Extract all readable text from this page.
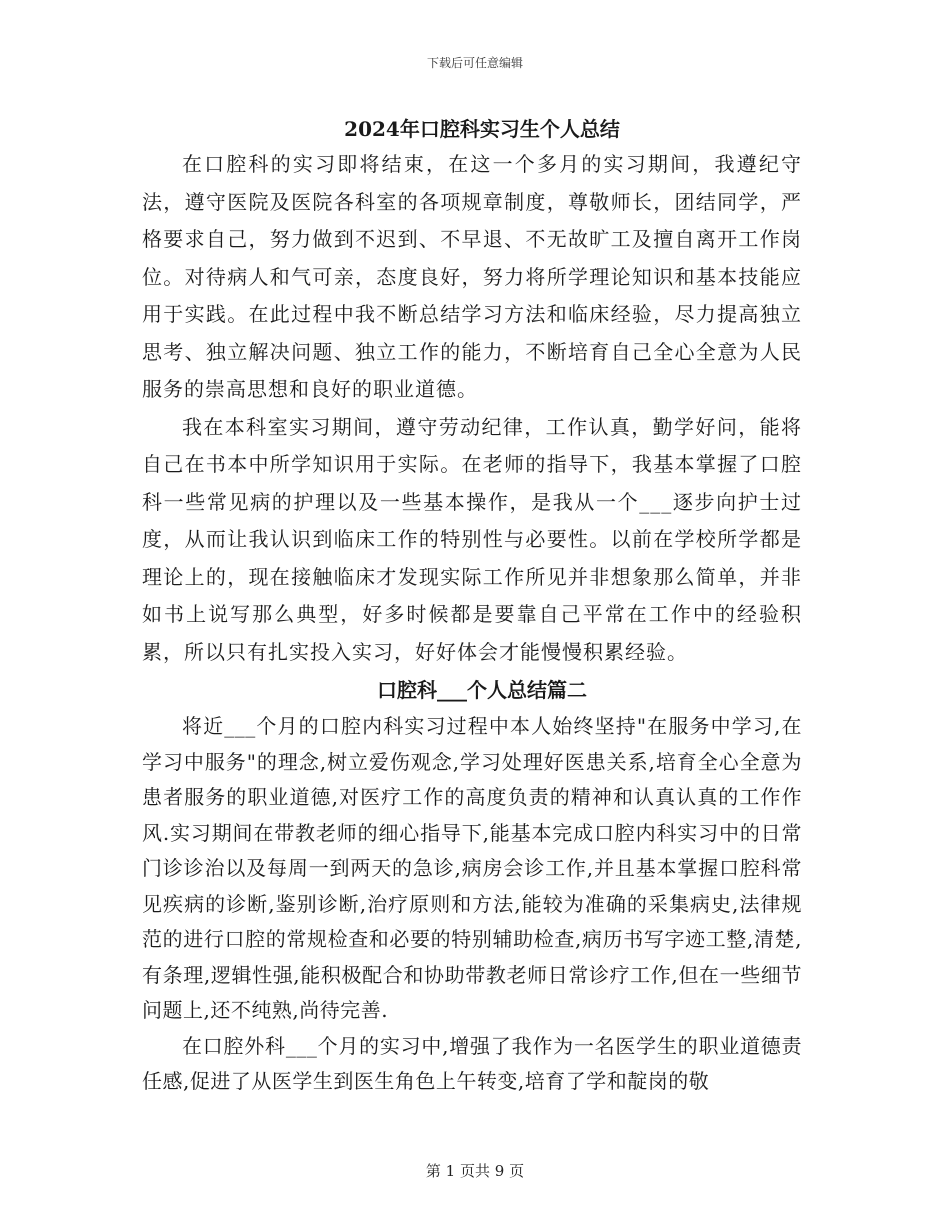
下载后可任意编辑
2024年口腔科实习生个人总结

在口腔科的实习即将结束，在这一个多月的实习期间，我遵纪守法，遵守医院及医院各科室的各项规章制度，尊敬师长，团结同学，严格要求自己，努力做到不迟到、不早退、不无故旷工及擅自离开工作岗位。对待病人和气可亲，态度良好，努力将所学理论知识和基本技能应用于实践。在此过程中我不断总结学习方法和临床经验，尽力提高独立思考、独立解决问题、独立工作的能力，不断培育自己全心全意为人民服务的崇高思想和良好的职业道德。

我在本科室实习期间，遵守劳动纪律，工作认真，勤学好问，能将自己在书本中所学知识用于实际。在老师的指导下，我基本掌握了口腔科一些常见病的护理以及一些基本操作，是我从一个___逐步向护士过度，从而让我认识到临床工作的特别性与必要性。以前在学校所学都是理论上的，现在接触临床才发现实际工作所见并非想象那么简单，并非如书上说写那么典型，好多时候都是要靠自己平常在工作中的经验积累，所以只有扎实投入实习，好好体会才能慢慢积累经验。

口腔科___个人总结篇二

将近___个月的口腔内科实习过程中本人始终坚持"在服务中学习,在学习中服务"的理念,树立爱伤观念,学习处理好医患关系,培育全心全意为患者服务的职业道德,对医疗工作的高度负责的精神和认真认真的工作作风.实习期间在带教老师的细心指导下,能基本完成口腔内科实习中的日常门诊诊治以及每周一到两天的急诊,病房会诊工作,并且基本掌握口腔科常见疾病的诊断,鉴别诊断,治疗原则和方法,能较为准确的采集病史,法律规范的进行口腔的常规检查和必要的特别辅助检查,病历书写字迹工整,清楚,有条理,逻辑性强,能积极配合和协助带教老师日常诊疗工作,但在一些细节问题上,还不纯熟,尚待完善.

在口腔外科___个月的实习中,增强了我作为一名医学生的职业道德责任感,促进了从医学生到医生角色上午转变,培育了学和靛岗的敬

第 1 页共 9 页
